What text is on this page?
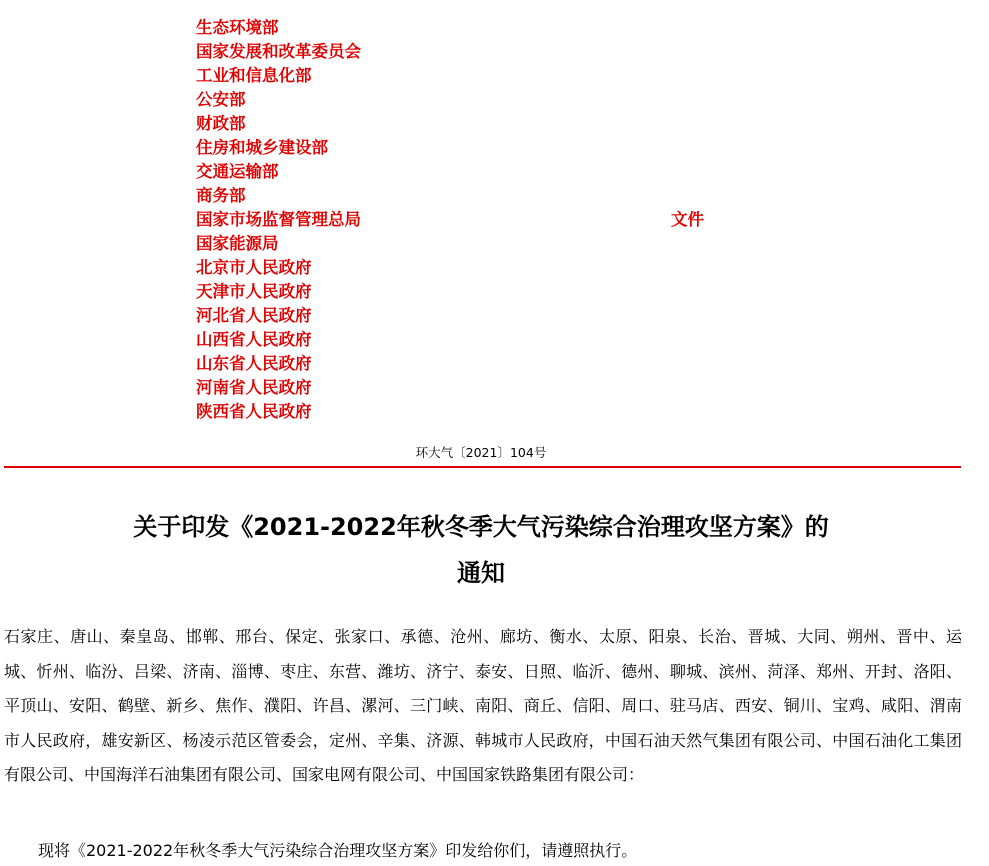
生态环境部
国家发展和改革委员会
工业和信息化部
公安部
财政部
住房和城乡建设部
交通运输部
商务部
国家市场监督管理总局
国家能源局
北京市人民政府
天津市人民政府
河北省人民政府
山西省人民政府
山东省人民政府
河南省人民政府
陕西省人民政府
文件
环大气〔2021〕104号
关于印发《2021-2022年秋冬季大气污染综合治理攻坚方案》的
通知
石家庄、唐山、秦皇岛、邯郸、邢台、保定、张家口、承德、沧州、廊坊、衡水、太原、阳泉、长治、晋城、大同、朔州、晋中、运城、忻州、临汾、吕梁、济南、淄博、枣庄、东营、潍坊、济宁、泰安、日照、临沂、德州、聊城、滨州、菏泽、郑州、开封、洛阳、平顶山、安阳、鹤壁、新乡、焦作、濮阳、许昌、漯河、三门峡、南阳、商丘、信阳、周口、驻马店、西安、铜川、宝鸡、咸阳、渭南市人民政府，雄安新区、杨凌示范区管委会，定州、辛集、济源、韩城市人民政府，中国石油天然气集团有限公司、中国石油化工集团有限公司、中国海洋石油集团有限公司、国家电网有限公司、中国国家铁路集团有限公司：
现将《2021-2022年秋冬季大气污染综合治理攻坚方案》印发给你们，请遵照执行。
